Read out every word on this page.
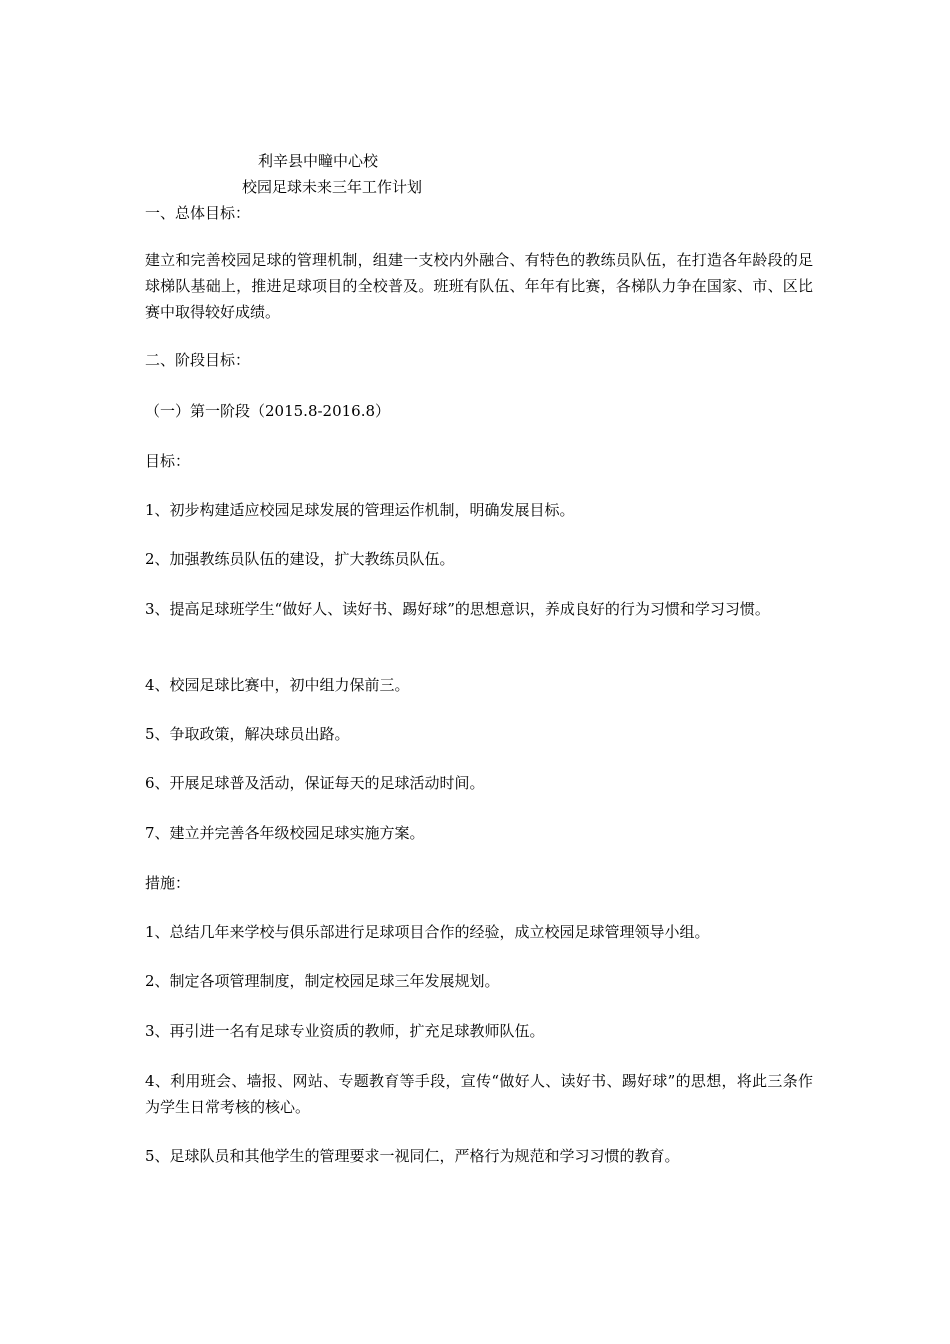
利辛县中疃中心校
校园足球未来三年工作计划
一、总体目标：
建立和完善校园足球的管理机制，组建一支校内外融合、有特色的教练员队伍，在打造各年龄段的足球梯队基础上，推进足球项目的全校普及。班班有队伍、年年有比赛，各梯队力争在国家、市、区比赛中取得较好成绩。
二、阶段目标：
（一）第一阶段（2015.8-2016.8）
目标：
1、初步构建适应校园足球发展的管理运作机制，明确发展目标。
2、加强教练员队伍的建设，扩大教练员队伍。
3、提高足球班学生“做好人、读好书、踢好球”的思想意识，养成良好的行为习惯和学习习惯。
4、校园足球比赛中，初中组力保前三。
5、争取政策，解决球员出路。
6、开展足球普及活动，保证每天的足球活动时间。
7、建立并完善各年级校园足球实施方案。
措施：
1、总结几年来学校与俱乐部进行足球项目合作的经验，成立校园足球管理领导小组。
2、制定各项管理制度，制定校园足球三年发展规划。
3、再引进一名有足球专业资质的教师，扩充足球教师队伍。
4、利用班会、墙报、网站、专题教育等手段，宣传“做好人、读好书、踢好球”的思想，将此三条作为学生日常考核的核心。
5、足球队员和其他学生的管理要求一视同仁，严格行为规范和学习习惯的教育。
